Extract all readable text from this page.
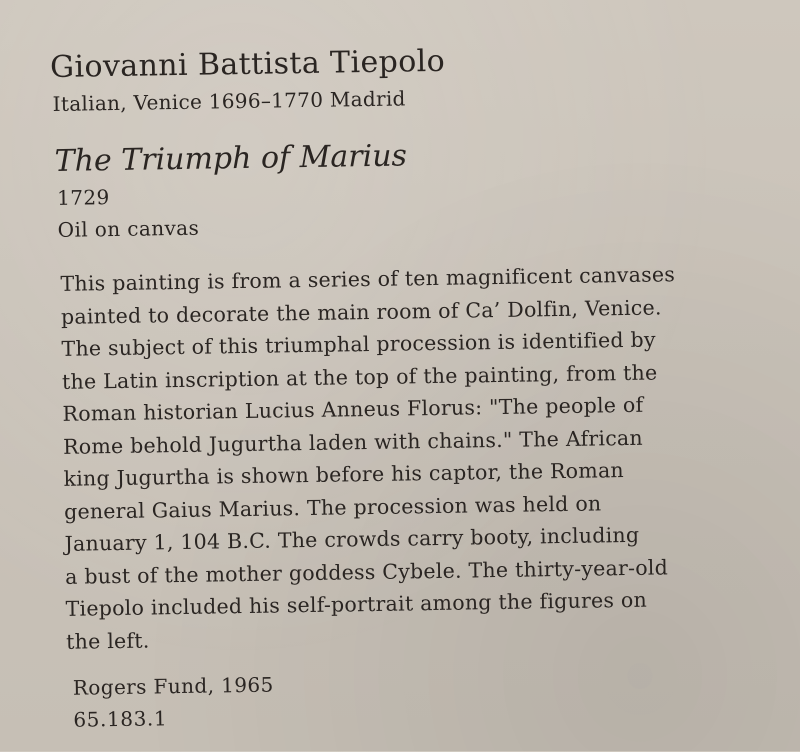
Giovanni Battista Tiepolo
Italian, Venice 1696–1770 Madrid
The Triumph of Marius
1729
Oil on canvas
This painting is from a series of ten magnificent canvases
painted to decorate the main room of Ca’ Dolfin, Venice.
The subject of this triumphal procession is identified by
the Latin inscription at the top of the painting, from the
Roman historian Lucius Anneus Florus: "The people of
Rome behold Jugurtha laden with chains." The African
king Jugurtha is shown before his captor, the Roman
general Gaius Marius. The procession was held on
January 1, 104 B.C. The crowds carry booty, including
a bust of the mother goddess Cybele. The thirty-year-old
Tiepolo included his self-portrait among the figures on
the left.
Rogers Fund, 1965
65.183.1
